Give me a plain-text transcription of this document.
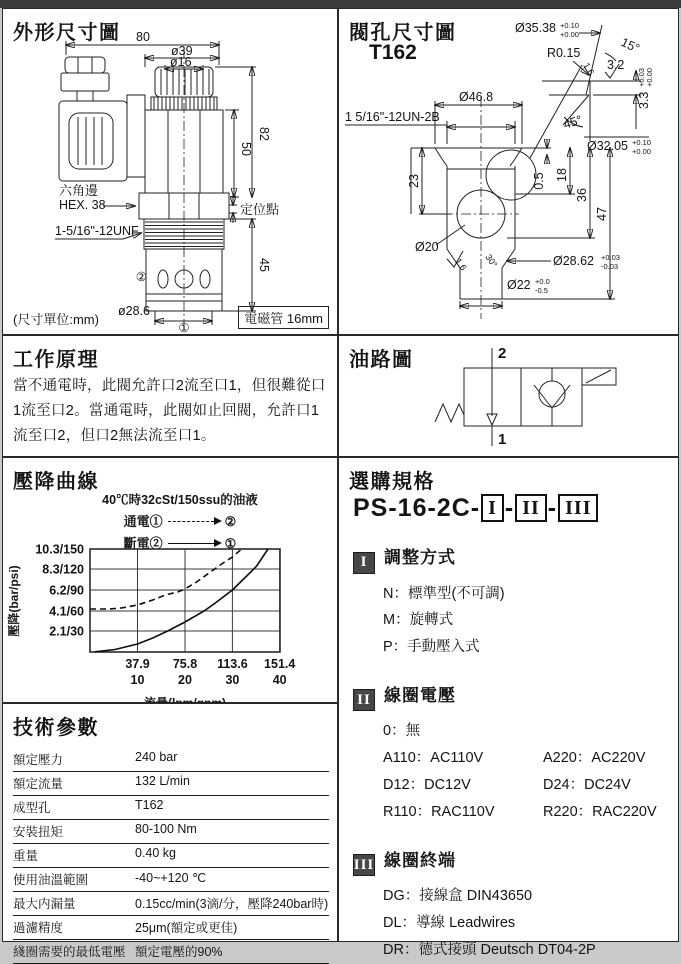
外形尺寸圖 80
ø39
ø16
50
82
45
定位點
六角邊
HEX. 38
1-5/16"-12UNF
②
ø28.6
①
(尺寸單位:mm)	電磁管 16mm
閥孔尺寸圖
T162
Ø35.38 +0.10
+0.00
R0.15	15°
1.6 3.2
45°
3.3
+0.03 +0.00
Ø32.05 +0.10
+0.00
Ø46.8
1 5/16"-12UN-2B
Ø20
1.6 30°	Ø28.62 +0.03
-0.03
Ø22 +0.0
-0.5
0.5 18
36
47
23
工作原理

當不通電時，此閥允許口2流至口1，但很難從口1流至口2。當通電時，此閥如止回閥，允許口1流至口2，但口2無法流至口1。

油路圖	2
1
壓降曲線
40℃時32cSt/150ssu的油液
通電①	②
斷電②	①
壓降(bar/psi)
10.3/150
8.3/120
6.2/90
4.1/60
2.1/30
37.9
10
75.8
20
113.6
30
151.4
40
選購規格
PS-16-2C- I - II - III
I 調整方式
N：標準型(不可調)
M：旋轉式
P：手動壓入式
II 線圈電壓
0：無
A110：AC110V	A220：AC220V
D12：DC12V	D24：DC24V
R110：RAC110V	R220：RAC220V
III 線圈終端
DG：接線盒 DIN43650
DL：導線 Leadwires
DR：德式接頭 Deutsch DT04-2P
技術參數
額定壓力	240 bar
額定流量	132 L/min
成型孔	T162
安裝扭矩	80-100 Nm
重量	0.40 kg
使用油溫範圍	-40~+120 ℃
最大内漏量	0.15cc/min(3滴/分，壓降240bar時)
過濾精度	25μm(額定或更佳)
綫圈需要的最低電壓 額定電壓的90%
